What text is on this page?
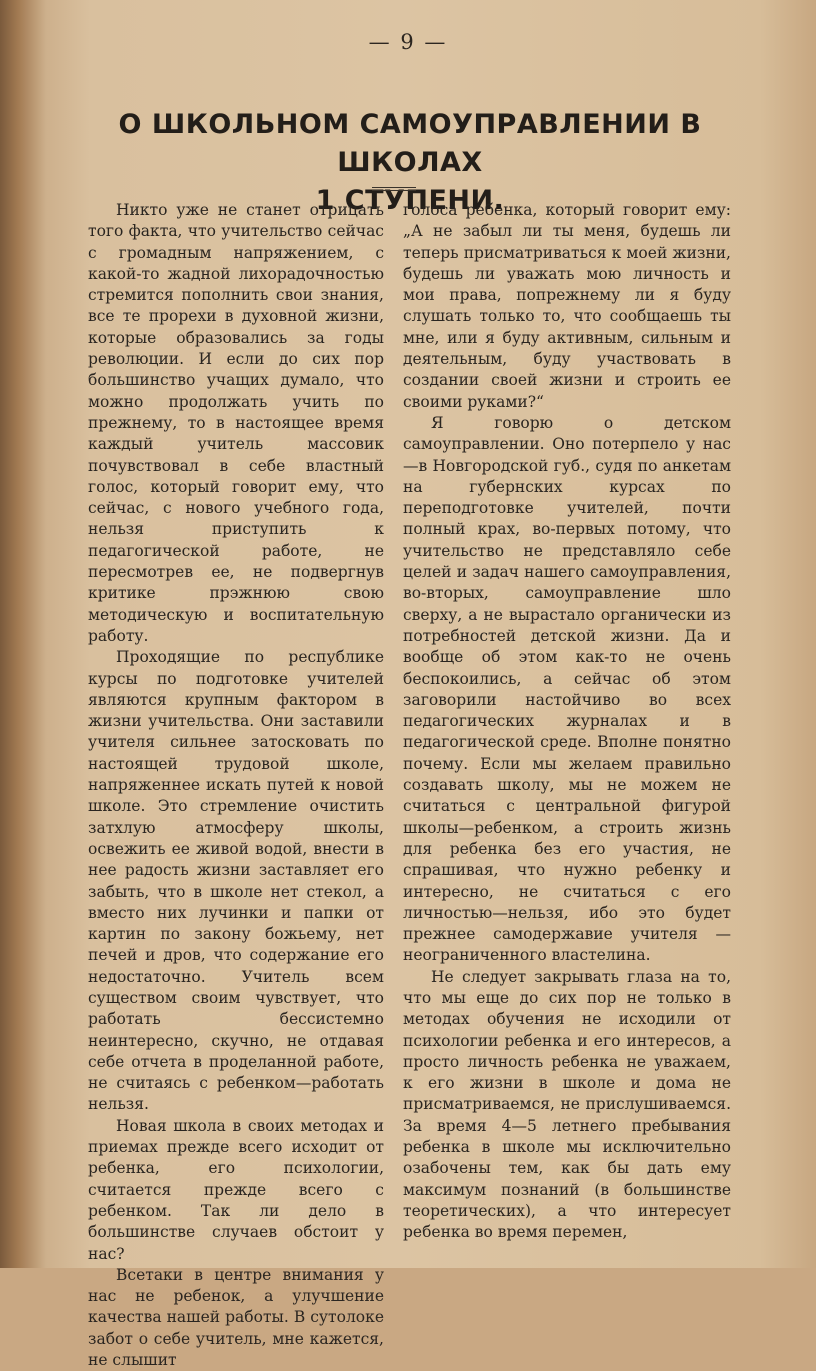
— 9 —
О ШКОЛЬНОМ САМОУПРАВЛЕНИИ В ШКОЛАХ
1 СТУПЕНИ.

Никто уже не станет отрицать того факта, что учительство сейчас с громадным напряжением, с какой-то жадной лихорадочностью стремится пополнить свои знания, все те прорехи в духовной жизни, которые образовались за годы революции. И если до сих пор большинство учащих думало, что можно продолжать учить по прежнему, то в настоящее время каждый учитель массовик почувствовал в себе властный голос, который говорит ему, что сейчас, с нового учебного года, нельзя приступить к педагогической работе, не пересмотрев ее, не подвергнув критике прэжнюю свою методическую и воспитательную работу.

Проходящие по республике курсы по подготовке учителей являются крупным фактором в жизни учительства. Они заставили учителя сильнее затосковать по настоящей трудовой школе, напряженнее искать путей к новой школе. Это стремление очистить затхлую атмосферу школы, освежить ее живой водой, внести в нее радость жизни заставляет его забыть, что в школе нет стекол, а вместо них лучинки и папки от картин по закону божьему, нет печей и дров, что содержание его недостаточно. Учитель всем существом своим чувствует, что работать бессистемно неинтересно, скучно, не отдавая себе отчета в проделанной работе, не считаясь с ребенком—работать нельзя.

Новая школа в своих методах и приемах прежде всего исходит от ребенка, его психологии, считается прежде всего с ребенком. Так ли дело в большинстве случаев обстоит у нас?

Всетаки в центре внимания у нас не ребенок, а улучшение качества нашей работы. В сутолоке забот о себе учитель, мне кажется, не слышит

голоса ребенка, который говорит ему: „А не забыл ли ты меня, будешь ли теперь присматриваться к моей жизни, будешь ли уважать мою личность и мои права, попрежнему ли я буду слушать только то, что сообщаешь ты мне, или я буду активным, сильным и деятельным, буду участвовать в создании своей жизни и строить ее своими руками?“

Я говорю о детском самоуправлении. Оно потерпело у нас—в Новгородской губ., судя по анкетам на губернских курсах по переподготовке учителей, почти полный крах, во-первых потому, что учительство не представляло себе целей и задач нашего самоуправления, во-вторых, самоуправление шло сверху, а не вырастало органически из потребностей детской жизни. Да и вообще об этом как-то не очень беспокоились, а сейчас об этом заговорили настойчиво во всех педагогических журналах и в педагогической среде. Вполне понятно почему. Если мы желаем правильно создавать школу, мы не можем не считаться с центральной фигурой школы—ребенком, а строить жизнь для ребенка без его участия, не спрашивая, что нужно ребенку и интересно, не считаться с его личностью—нельзя, ибо это будет прежнее самодержавие учителя — неограниченного властелина.

Не следует закрывать глаза на то, что мы еще до сих пор не только в методах обучения не исходили от психологии ребенка и его интересов, а просто личность ребенка не уважаем, к его жизни в школе и дома не присматриваемся, не прислушиваемся. За время 4—5 летнего пребывания ребенка в школе мы исключительно озабочены тем, как бы дать ему максимум познаний (в большинстве теоретических), а что интересует ребенка во время перемен,
